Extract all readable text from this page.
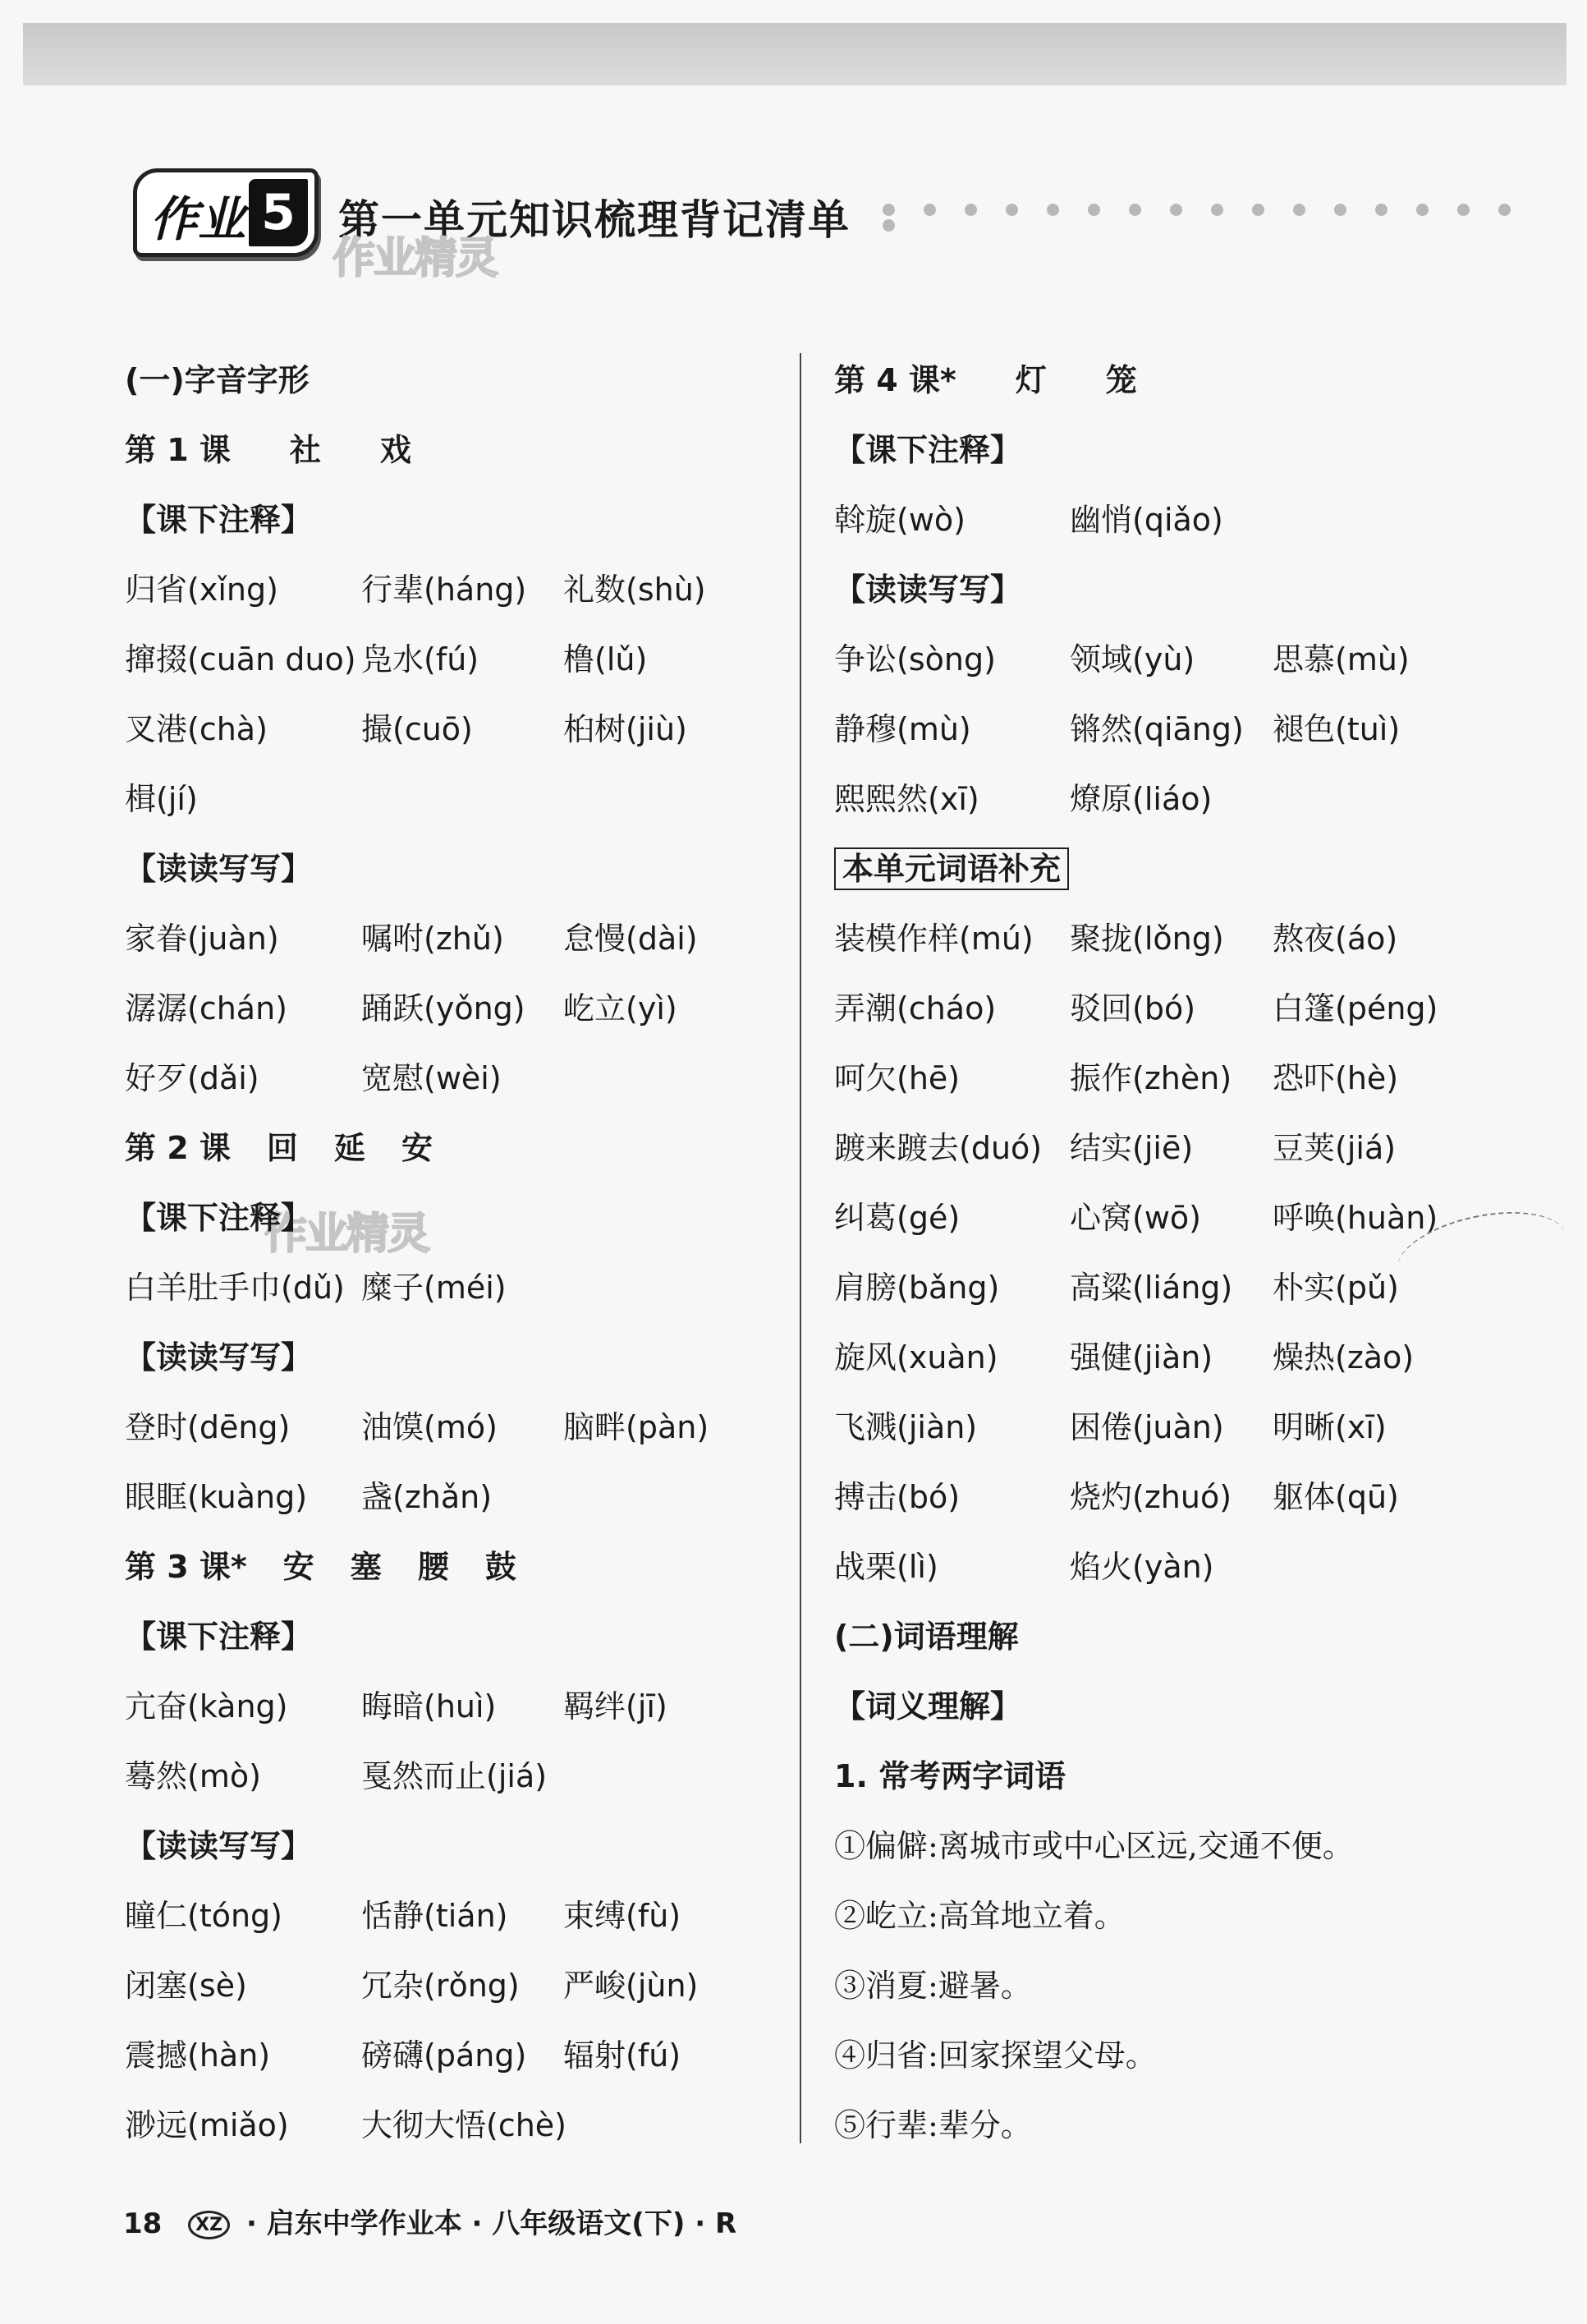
作业 5	第一单元知识梳理背记清单
作业精灵
作业精灵
(一)字音字形
第 1 课 社 戏
【课下注释】
归省(xǐng)	行辈(háng) 礼数(shù)
撺掇(cuān duo) 凫水(fú)	橹(lǔ)
叉港(chà)	撮(cuō)	桕树(jiù)
楫(jí)
【读读写写】
家眷(juàn)	嘱咐(zhǔ) 怠慢(dài)
潺潺(chán) 踊跃(yǒng) 屹立(yì)
好歹(dǎi)	宽慰(wèi)
第 2 课 回 延 安
【课下注释】
白羊肚手巾(dǔ) 糜子(méi)
【读读写写】
登时(dēng) 油馍(mó) 脑畔(pàn)
眼眶(kuàng) 盏(zhǎn)
第 3 课* 安 塞 腰 鼓
【课下注释】
亢奋(kàng) 晦暗(huì) 羁绊(jī)
蓦然(mò)	戛然而止(jiá)
【读读写写】
瞳仁(tóng)	恬静(tián) 束缚(fù)
闭塞(sè)	冗杂(rǒng) 严峻(jùn)
震撼(hàn)	磅礴(páng) 辐射(fú)
渺远(miǎo) 大彻大悟(chè)
第 4 课* 灯 笼
【课下注释】
斡旋(wò)	幽悄(qiǎo)
【读读写写】
争讼(sòng) 领域(yù) 思慕(mù)
静穆(mù)	锵然(qiāng) 褪色(tuì)
熙熙然(xī)	燎原(liáo)
本单元词语补充
装模作样(mú) 聚拢(lǒng) 熬夜(áo)
弄潮(cháo) 驳回(bó) 白篷(péng)
呵欠(hē)	振作(zhèn) 恐吓(hè)
踱来踱去(duó) 结实(jiē)	豆荚(jiá)
纠葛(gé)	心窝(wō) 呼唤(huàn)
肩膀(bǎng) 高粱(liáng) 朴实(pǔ)
旋风(xuàn) 强健(jiàn) 燥热(zào)
飞溅(jiàn)	困倦(juàn) 明晰(xī)
搏击(bó)	烧灼(zhuó) 躯体(qū)
战栗(lì)	焰火(yàn)
(二)词语理解
【词义理解】
1. 常考两字词语
①偏僻:离城市或中心区远,交通不便。
②屹立:高耸地立着。
③消夏:避暑。
④归省:回家探望父母。
⑤行辈:辈分。
18 XZ · 启东中学作业本 · 八年级语文(下) · R
